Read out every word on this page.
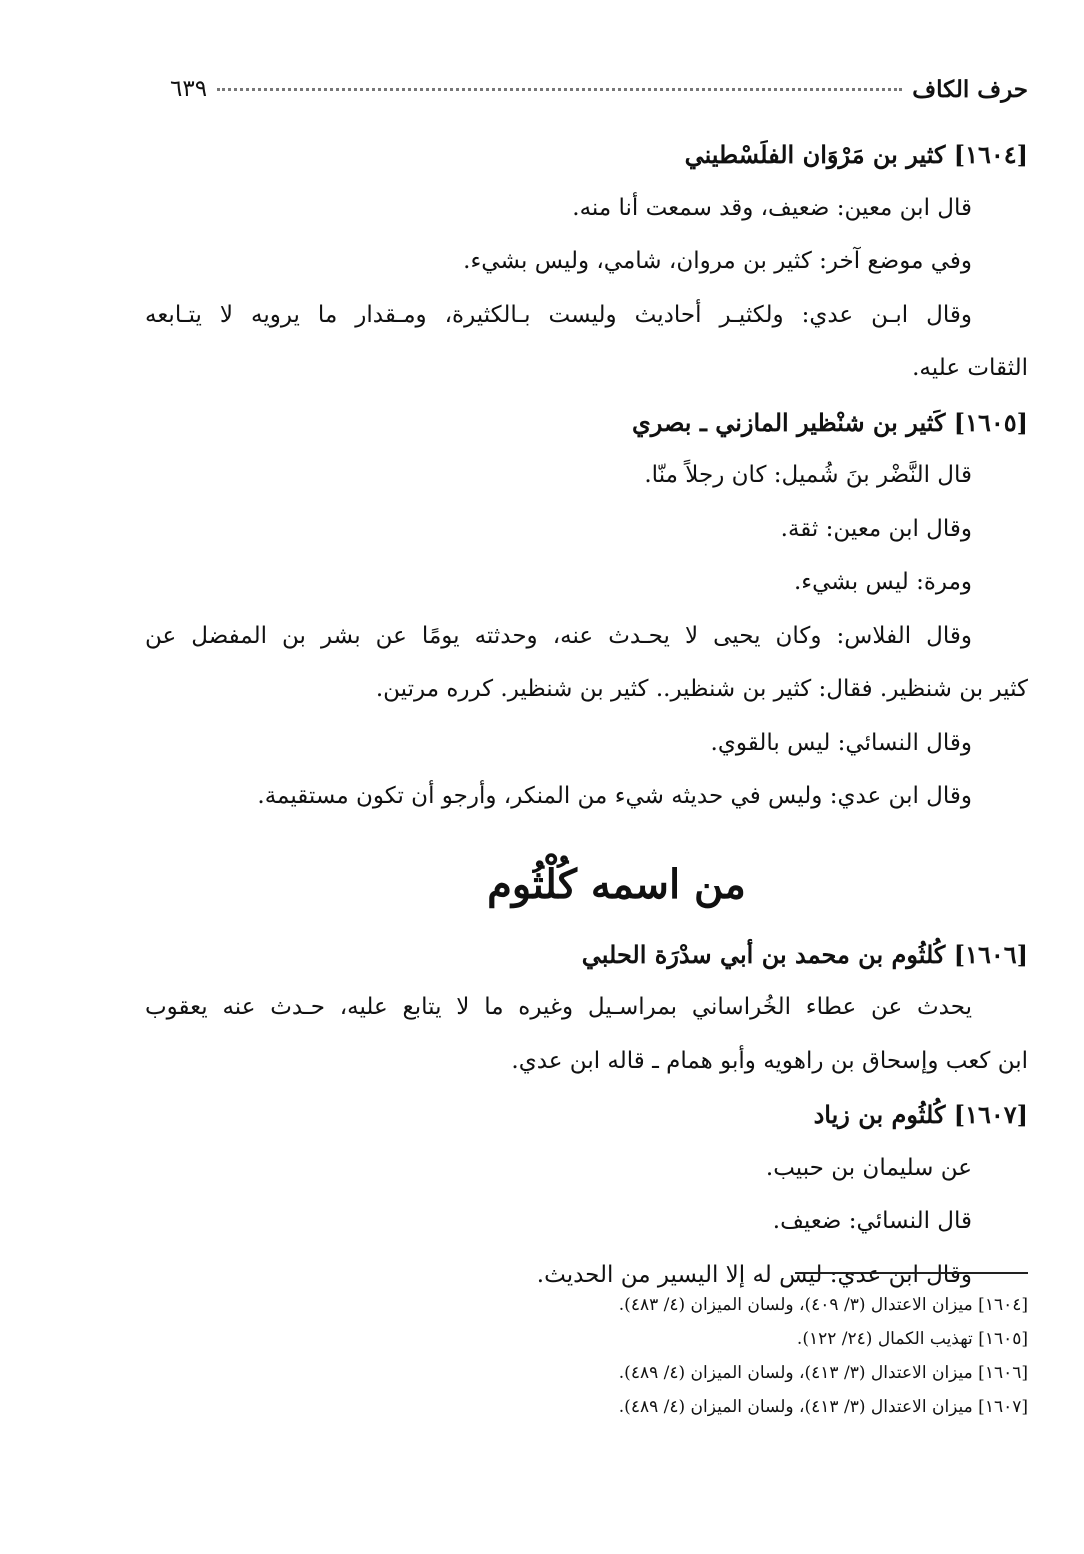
حرف الكاف
٦٣٩
[١٦٠٤] كثير بن مَرْوَان الفلَسْطيني
قال ابن معين: ضعيف، وقد سمعت أنا منه.
وفي موضع آخر: كثير بن مروان، شامي، وليس بشيء.
وقال ابـن عدي: ولكثيـر أحاديث وليست بـالكثيرة، ومـقدار ما يرويه لا يتـابعه
الثقات عليه.
[١٦٠٥] كَثير بن شنْظير المازني ـ بصري
قال النَّضْر بنَ شُميل: كان رجلاً منّا.
وقال ابن معين: ثقة.
ومرة: ليس بشيء.
وقال الفلاس: وكان يحيى لا يحـدث عنه، وحدثته يومًا عن بشر بن المفضل عن
كثير بن شنظير. فقال: كثير بن شنظير.. كثير بن شنظير. كرره مرتين.
وقال النسائي: ليس بالقوي.
وقال ابن عدي: وليس في حديثه شيء من المنكر، وأرجو أن تكون مستقيمة.
من اسمه كُلْثُوم
[١٦٠٦] كُلثُوم بن محمد بن أبي سدْرَة الحلبي
يحدث عن عطاء الخُراساني بمراسـيل وغيره ما لا يتابع عليه، حـدث عنه يعقوب
ابن كعب وإسحاق بن راهويه وأبو همام ـ قاله ابن عدي.
[١٦٠٧] كُلثُوم بن زياد
عن سليمان بن حبيب.
قال النسائي: ضعيف.
وقال ابن عدي: ليس له إلا اليسير من الحديث.
[١٦٠٤] ميزان الاعتدال (٣/ ٤٠٩)، ولسان الميزان (٤/ ٤٨٣).
[١٦٠٥] تهذيب الكمال (٢٤/ ١٢٢).
[١٦٠٦] ميزان الاعتدال (٣/ ٤١٣)، ولسان الميزان (٤/ ٤٨٩).
[١٦٠٧] ميزان الاعتدال (٣/ ٤١٣)، ولسان الميزان (٤/ ٤٨٩).
